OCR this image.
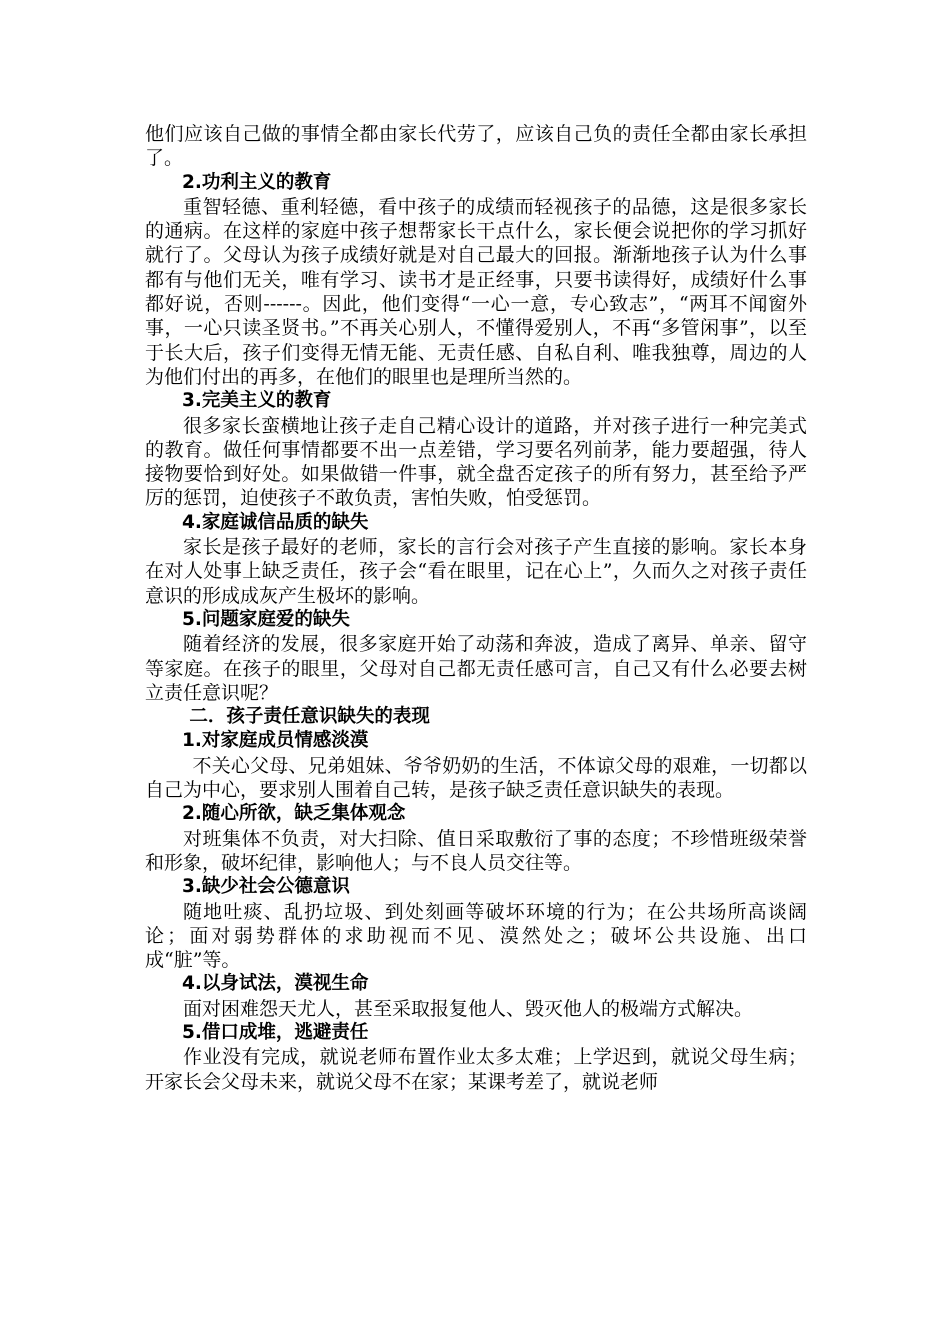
他们应该自己做的事情全都由家长代劳了，应该自己负的责任全都由家长承担了。

2.功利主义的教育

重智轻德、重利轻德，看中孩子的成绩而轻视孩子的品德，这是很多家长的通病。在这样的家庭中孩子想帮家长干点什么，家长便会说把你的学习抓好就行了。父母认为孩子成绩好就是对自己最大的回报。渐渐地孩子认为什么事都有与他们无关，唯有学习、读书才是正经事，只要书读得好，成绩好什么事都好说，否则------。因此，他们变得“一心一意，专心致志”，“两耳不闻窗外事，一心只读圣贤书。”不再关心别人，不懂得爱别人，不再“多管闲事”，以至于长大后，孩子们变得无情无能、无责任感、自私自利、唯我独尊，周边的人为他们付出的再多，在他们的眼里也是理所当然的。

3.完美主义的教育

很多家长蛮横地让孩子走自己精心设计的道路，并对孩子进行一种完美式的教育。做任何事情都要不出一点差错，学习要名列前茅，能力要超强，待人接物要恰到好处。如果做错一件事，就全盘否定孩子的所有努力，甚至给予严厉的惩罚，迫使孩子不敢负责，害怕失败，怕受惩罚。

4.家庭诚信品质的缺失

家长是孩子最好的老师，家长的言行会对孩子产生直接的影响。家长本身在对人处事上缺乏责任，孩子会“看在眼里，记在心上”，久而久之对孩子责任意识的形成成灰产生极坏的影响。

5.问题家庭爱的缺失

随着经济的发展，很多家庭开始了动荡和奔波，造成了离异、单亲、留守等家庭。在孩子的眼里，父母对自己都无责任感可言，自己又有什么必要去树立责任意识呢？

二．孩子责任意识缺失的表现

1.对家庭成员情感淡漠

不关心父母、兄弟姐妹、爷爷奶奶的生活，不体谅父母的艰难，一切都以自己为中心，要求别人围着自己转，是孩子缺乏责任意识缺失的表现。

2.随心所欲，缺乏集体观念

对班集体不负责，对大扫除、值日采取敷衍了事的态度；不珍惜班级荣誉和形象，破坏纪律，影响他人；与不良人员交往等。

3.缺少社会公德意识

随地吐痰、乱扔垃圾、到处刻画等破坏环境的行为；在公共场所高谈阔论；面对弱势群体的求助视而不见、漠然处之；破坏公共设施、出口成“脏”等。

4.以身试法，漠视生命

面对困难怨天尤人，甚至采取报复他人、毁灭他人的极端方式解决。

5.借口成堆，逃避责任

作业没有完成，就说老师布置作业太多太难；上学迟到，就说父母生病；开家长会父母未来，就说父母不在家；某课考差了，就说老师
